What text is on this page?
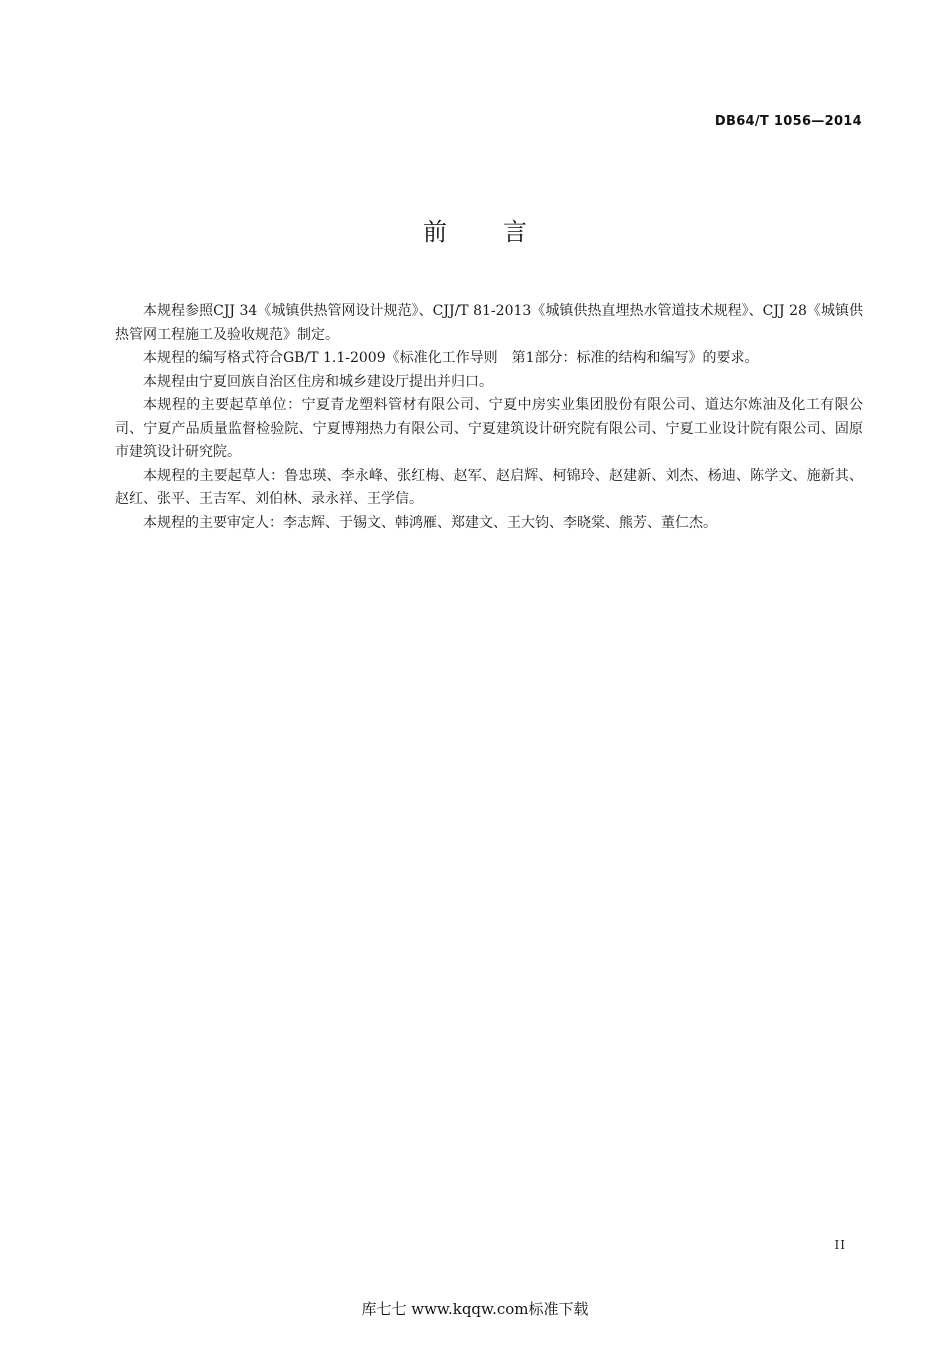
DB64/T 1056—2014
前言

本规程参照CJJ 34《城镇供热管网设计规范》、CJJ/T 81-2013《城镇供热直埋热水管道技术规程》、CJJ 28《城镇供热管网工程施工及验收规范》制定。

本规程的编写格式符合GB/T 1.1-2009《标准化工作导则　第1部分：标准的结构和编写》的要求。

本规程由宁夏回族自治区住房和城乡建设厅提出并归口。

本规程的主要起草单位：宁夏青龙塑料管材有限公司、宁夏中房实业集团股份有限公司、道达尔炼油及化工有限公司、宁夏产品质量监督检验院、宁夏博翔热力有限公司、宁夏建筑设计研究院有限公司、宁夏工业设计院有限公司、固原市建筑设计研究院。

本规程的主要起草人：鲁忠瑛、李永峰、张红梅、赵军、赵启辉、柯锦玲、赵建新、刘杰、杨迪、陈学文、施新其、赵红、张平、王吉军、刘伯林、录永祥、王学信。

本规程的主要审定人：李志辉、于锡文、韩鸿雁、郑建文、王大钧、李晓棠、熊芳、董仁杰。

II
库七七 www.kqqw.com标准下载
